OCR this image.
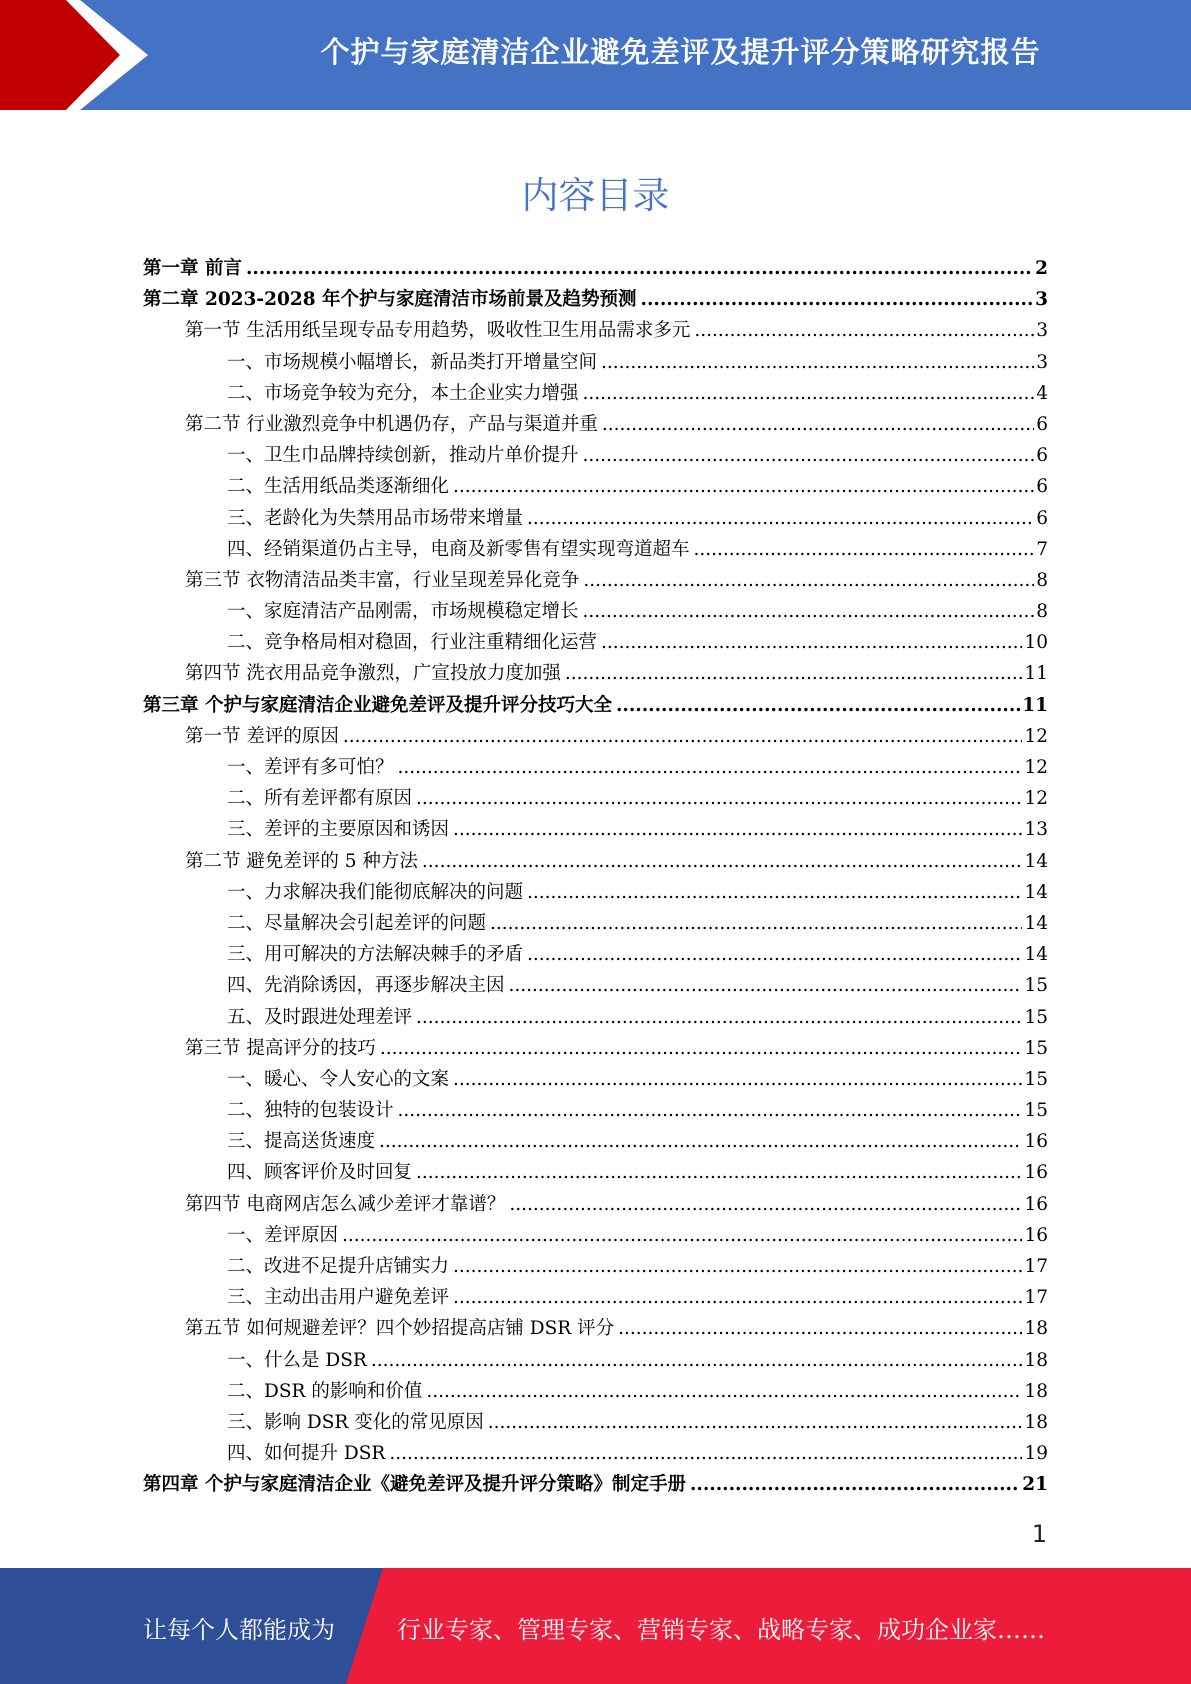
个护与家庭清洁企业避免差评及提升评分策略研究报告
内容目录
第一章 前言 .....	2
第二章 2023-2028 年个护与家庭清洁市场前景及趋势预测 .....	3
第一节 生活用纸呈现专品专用趋势，吸收性卫生用品需求多元 .....	3
一、市场规模小幅增长，新品类打开增量空间 .....	3
二、市场竞争较为充分，本土企业实力增强 .....	4
第二节 行业激烈竞争中机遇仍存，产品与渠道并重 .....	6
一、卫生巾品牌持续创新，推动片单价提升 .....	6
二、生活用纸品类逐渐细化 .....	6
三、老龄化为失禁用品市场带来增量 .....	6
四、经销渠道仍占主导，电商及新零售有望实现弯道超车 .....	7
第三节 衣物清洁品类丰富，行业呈现差异化竞争 .....	8
一、家庭清洁产品刚需，市场规模稳定增长 .....	8
二、竞争格局相对稳固，行业注重精细化运营 .....	10
第四节 洗衣用品竞争激烈，广宣投放力度加强 .....	11
第三章 个护与家庭清洁企业避免差评及提升评分技巧大全 .....	11
第一节 差评的原因 .....	12
一、差评有多可怕？ .....	12
二、所有差评都有原因 .....	12
三、差评的主要原因和诱因 .....	13
第二节 避免差评的 5 种方法 .....	14
一、力求解决我们能彻底解决的问题 .....	14
二、尽量解决会引起差评的问题 .....	14
三、用可解决的方法解决棘手的矛盾 .....	14
四、先消除诱因，再逐步解决主因 .....	15
五、及时跟进处理差评 .....	15
第三节 提高评分的技巧 .....	15
一、暖心、令人安心的文案 .....	15
二、独特的包装设计 .....	15
三、提高送货速度 .....	16
四、顾客评价及时回复 .....	16
第四节 电商网店怎么减少差评才靠谱？ .....	16
一、差评原因 .....	16
二、改进不足提升店铺实力 .....	17
三、主动出击用户避免差评 .....	17
第五节 如何规避差评？四个妙招提高店铺 DSR 评分 .....	18
一、什么是 DSR .....	18
二、DSR 的影响和价值 .....	18
三、影响 DSR 变化的常见原因 .....	18
四、如何提升 DSR .....	19
第四章 个护与家庭清洁企业《避免差评及提升评分策略》制定手册 .....	21
1
让每个人都能成为	行业专家、管理专家、营销专家、战略专家、成功企业家……
